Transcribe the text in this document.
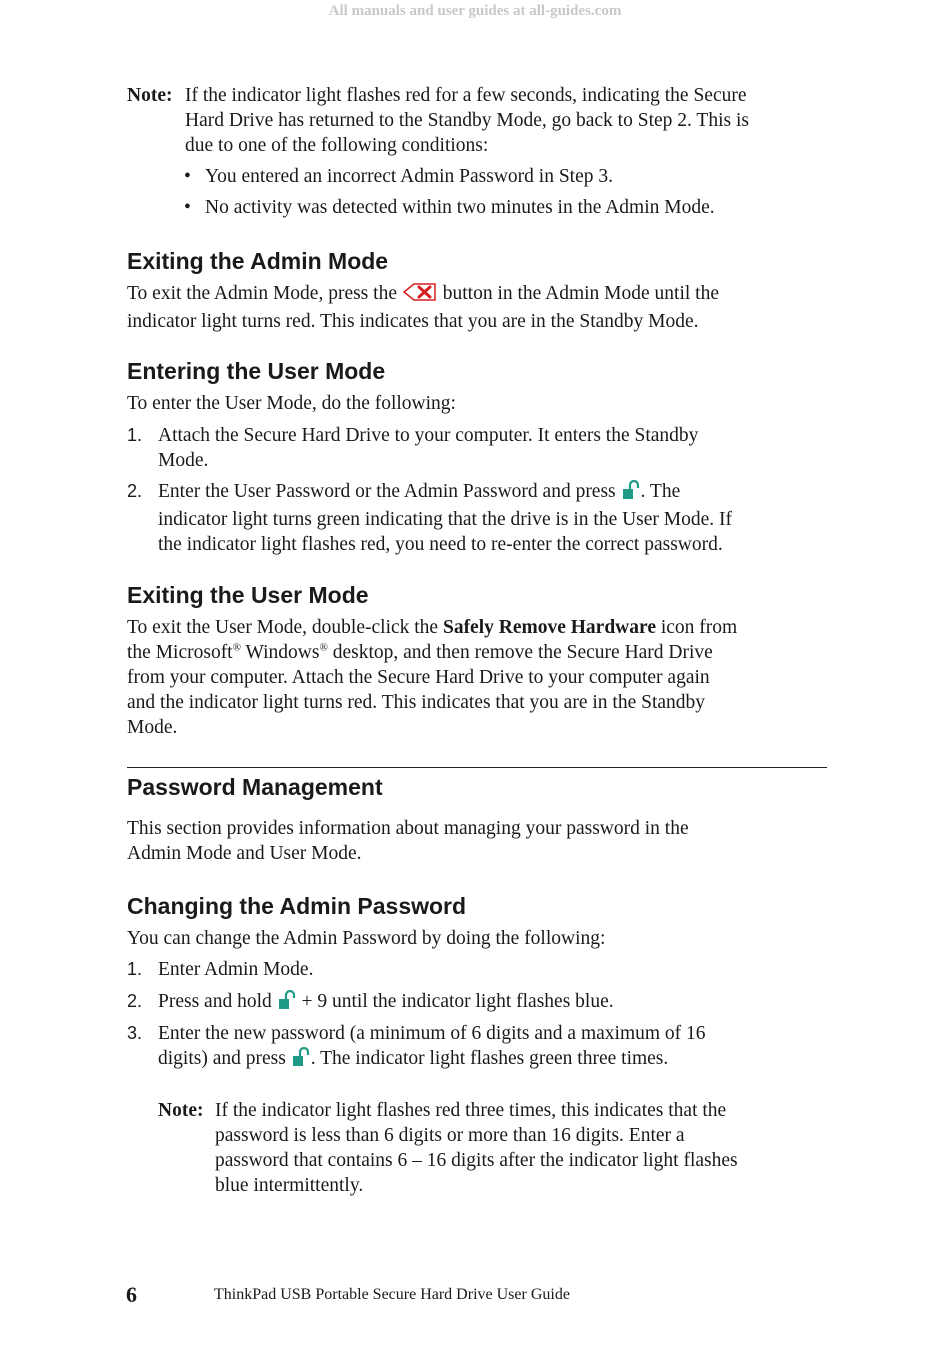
All manuals and user guides at all-guides.com
Note: If the indicator light flashes red for a few seconds, indicating the Secure
Hard Drive has returned to the Standby Mode, go back to Step 2. This is
due to one of the following conditions:
• You entered an incorrect Admin Password in Step 3.
• No activity was detected within two minutes in the Admin Mode.
Exiting the Admin Mode
To exit the Admin Mode, press the button in the Admin Mode until the
indicator light turns red. This indicates that you are in the Standby Mode.
Entering the User Mode
To enter the User Mode, do the following:
1. Attach the Secure Hard Drive to your computer. It enters the Standby
Mode.
2. Enter the User Password or the Admin Password and press . The
indicator light turns green indicating that the drive is in the User Mode. If
the indicator light flashes red, you need to re-enter the correct password.
Exiting the User Mode
To exit the User Mode, double-click the Safely Remove Hardware icon from
the Microsoft® Windows® desktop, and then remove the Secure Hard Drive
from your computer. Attach the Secure Hard Drive to your computer again
and the indicator light turns red. This indicates that you are in the Standby
Mode.
Password Management
This section provides information about managing your password in the
Admin Mode and User Mode.
Changing the Admin Password
You can change the Admin Password by doing the following:
1. Enter Admin Mode.
2. Press and hold + 9 until the indicator light flashes blue.
3. Enter the new password (a minimum of 6 digits and a maximum of 16
digits) and press . The indicator light flashes green three times.
Note: If the indicator light flashes red three times, this indicates that the
password is less than 6 digits or more than 16 digits. Enter a
password that contains 6 – 16 digits after the indicator light flashes
blue intermittently.
6	ThinkPad USB Portable Secure Hard Drive User Guide
